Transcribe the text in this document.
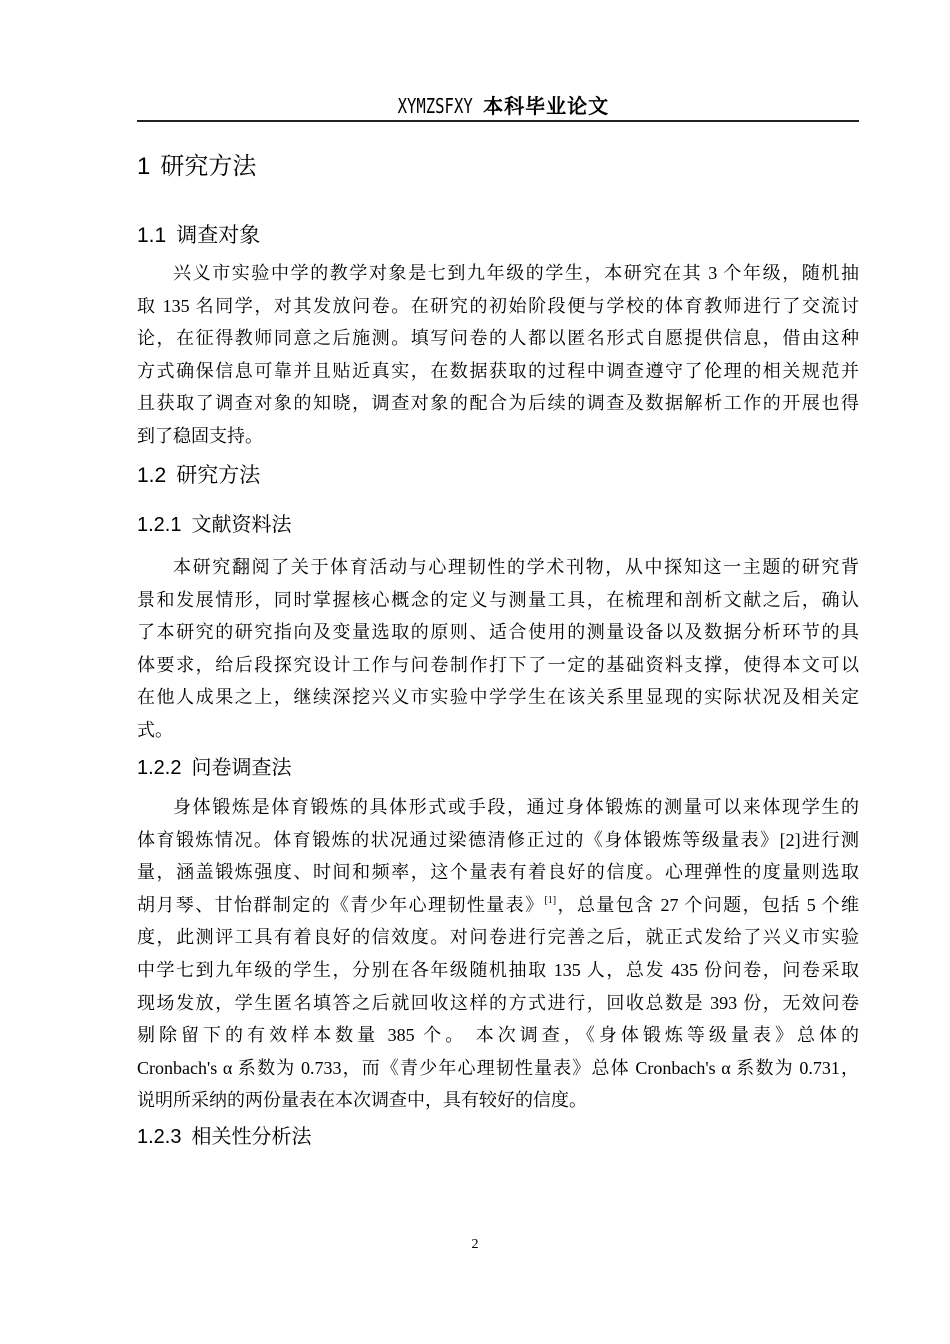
XYMZSFXY 本科毕业论文
1 研究方法
1.1 调查对象
兴义市实验中学的教学对象是七到九年级的学生，本研究在其 3 个年级，随机抽
取 135 名同学，对其发放问卷。在研究的初始阶段便与学校的体育教师进行了交流讨
论，在征得教师同意之后施测。填写问卷的人都以匿名形式自愿提供信息，借由这种
方式确保信息可靠并且贴近真实，在数据获取的过程中调查遵守了伦理的相关规范并
且获取了调查对象的知晓，调查对象的配合为后续的调查及数据解析工作的开展也得
到了稳固支持。
1.2 研究方法
1.2.1 文献资料法
本研究翻阅了关于体育活动与心理韧性的学术刊物，从中探知这一主题的研究背
景和发展情形，同时掌握核心概念的定义与测量工具，在梳理和剖析文献之后，确认
了本研究的研究指向及变量选取的原则、适合使用的测量设备以及数据分析环节的具
体要求，给后段探究设计工作与问卷制作打下了一定的基础资料支撑，使得本文可以
在他人成果之上，继续深挖兴义市实验中学学生在该关系里显现的实际状况及相关定
式。
1.2.2 问卷调查法
身体锻炼是体育锻炼的具体形式或手段，通过身体锻炼的测量可以来体现学生的
体育锻炼情况。体育锻炼的状况通过梁德清修正过的《身体锻炼等级量表》[2]进行测
量，涵盖锻炼强度、时间和频率，这个量表有着良好的信度。心理弹性的度量则选取
胡月琴、甘怡群制定的《青少年心理韧性量表》[1]，总量包含 27 个问题，包括 5 个维
度，此测评工具有着良好的信效度。对问卷进行完善之后，就正式发给了兴义市实验
中学七到九年级的学生，分别在各年级随机抽取 135 人，总发 435 份问卷，问卷采取
现场发放，学生匿名填答之后就回收这样的方式进行，回收总数是 393 份，无效问卷
剔除留下的有效样本数量 385 个。 本次调查，《身体锻炼等级量表》总体的
Cronbach's α 系数为 0.733，而《青少年心理韧性量表》总体 Cronbach's α 系数为 0.731，
说明所采纳的两份量表在本次调查中，具有较好的信度。
1.2.3 相关性分析法
2
